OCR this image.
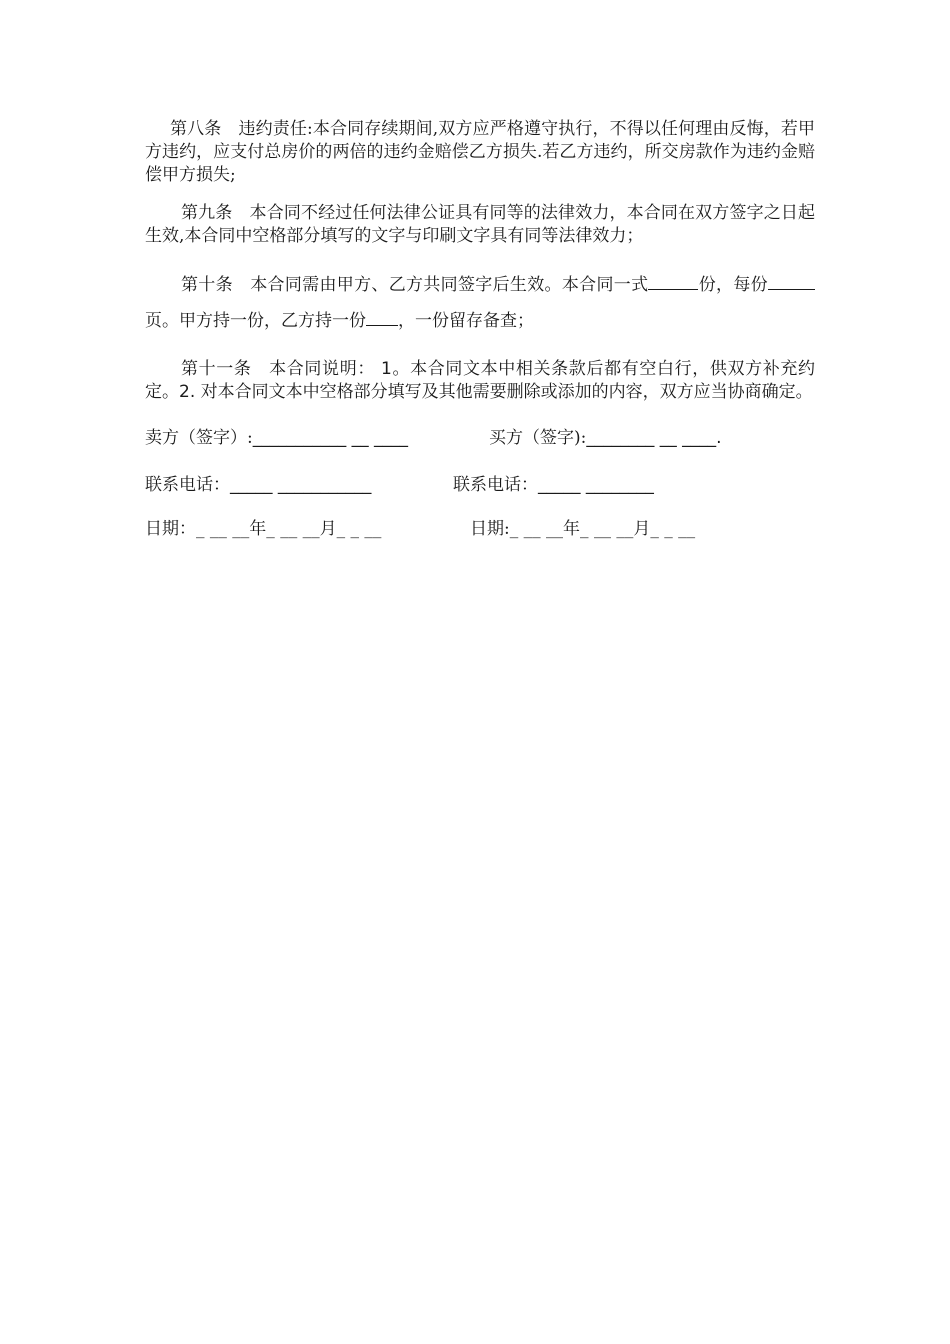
第八条　违约责任:本合同存续期间,双方应严格遵守执行，不得以任何理由反悔，若甲方违约，应支付总房价的两倍的违约金赔偿乙方损失.若乙方违约，所交房款作为违约金赔偿甲方损失;

第九条　本合同不经过任何法律公证具有同等的法律效力，本合同在双方签字之日起生效,本合同中空格部分填写的文字与印刷文字具有同等法律效力；

第十条　本合同需由甲方、乙方共同签字后生效。本合同一式	份，每份页。甲方持一份，乙方持一份 ，一份留存备查；

第十一条　本合同说明： 1。本合同文本中相关条款后都有空白行，供双方补充约定。2. 对本合同文本中空格部分填写及其他需要删除或添加的内容，双方应当协商确定。

卖方（签字）:___________ __ ____	买方（签字):________ __ ____.
联系电话：_____ ___________	联系电话：_____ ________
日期：_ __ __年_ __ __月_ _ __	日期:_ __ __年_ __ __月_ _ __
